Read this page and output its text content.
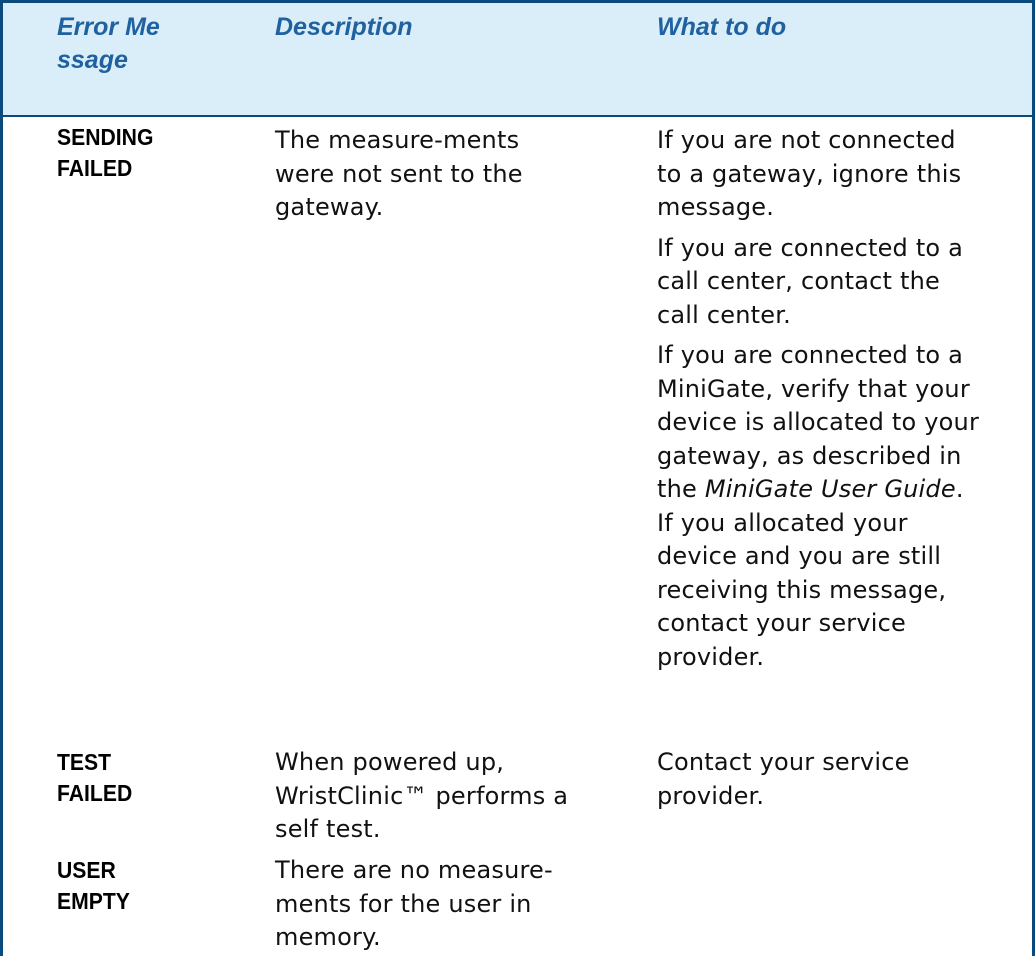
Error Message
Description	What to do
SENDING
FAILED
The measure-ments were not sent to the gateway.

If you are not connected to a gateway, ignore this message.

If you are connected to a call center, contact the call center.

If you are connected to a MiniGate, verify that your device is allocated to your gateway, as described in the MiniGate User Guide. If you allocated your device and you are still receiving this message, contact your service provider.

TEST
FAILED
When powered up, WristClinic™ performs a self test.
Contact your service provider.
USER
EMPTY
There are no measure-ments for the user in memory.
